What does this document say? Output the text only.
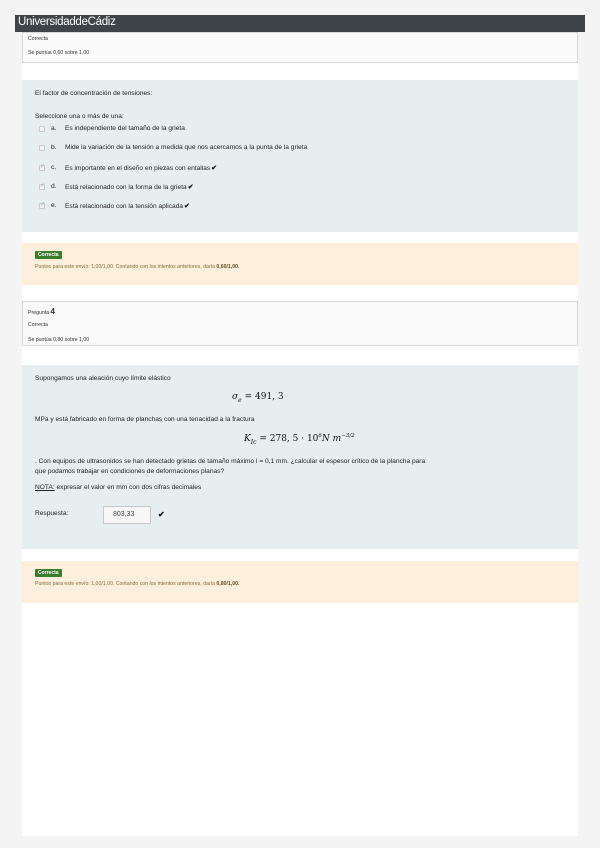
UniversidaddeCádiz
Correcta
Se puntúa 0,60 sobre 1,00
El factor de concentración de tensiones:
Seleccione una o más de una:
a. Es independiente del tamaño de la grieta
b. Mide la variación de la tensión a medida que nos acercamos a la punta de la grieta
✓
c. Es importante en el diseño en piezas con entallas✔
✓
d. Está relacionado con la forma de la grieta✔
✓
e. Está relacionado con la tensión aplicada✔
Correcta
Puntos para este envío: 1,00/1,00. Contando con los intentos anteriores, daría 0,60/1,00.
Pregunta 4
Correcta
Se puntúa 0,80 sobre 1,00
Supongamos una aleación cuyo límite elástico
$\sigma_e = 491$, 3
MPa y está fabricado en forma de planchas con una tenacidad a la fractura
$K_{Ic} = 278$, $5 \cdot 10^6N$ $m^{-3/2}$
. Con equipos de ultrasonidos se han detectado grietas de tamaño máximo l = 0,1 mm. ¿calcular el espesor crítico de la plancha para
que podamos trabajar en condiciones de deformaciones planas?
NOTA: expresar el valor en mm con dos cifras decimales
Respuesta:	803,33	✔
Correcta
Puntos para este envío: 1,00/1,00. Contando con los intentos anteriores, daría 0,80/1,00.
